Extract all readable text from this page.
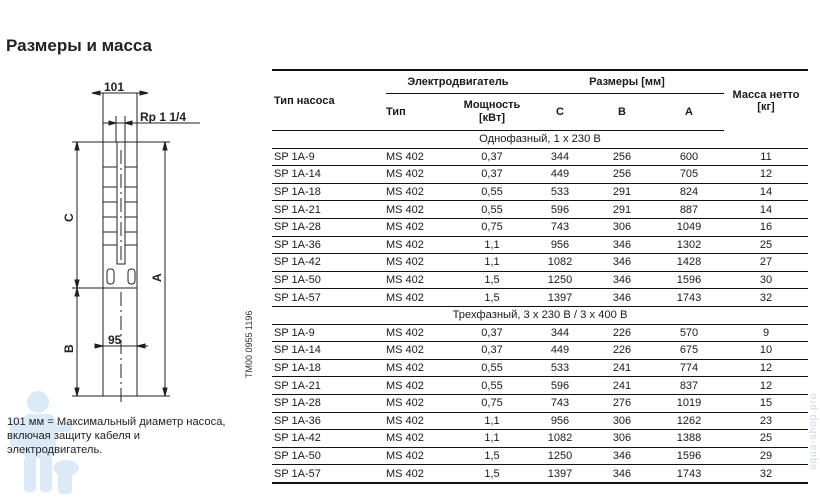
Размеры и масса
101
Rp 1 1/4
95
C
A
B
101 мм = Максимальный диаметр насоса, включая защиту кабеля и электродвигатель.
TM00 0955 1196
aqua-shop.pro
Тип насоса	Электродвигатель		Размеры [мм]			Масса нетто [кг]
	Тип	Мощность [кВт]	C	B	A	
Однофазный, 1 x 230 В						
SP 1A-9	MS 402	0,37	344	256	600	11
SP 1A-14	MS 402	0,37	449	256	705	12
SP 1A-18	MS 402	0,55	533	291	824	14
SP 1A-21	MS 402	0,55	596	291	887	14
SP 1A-28	MS 402	0,75	743	306	1049	16
SP 1A-36	MS 402	1,1	956	346	1302	25
SP 1A-42	MS 402	1,1	1082	346	1428	27
SP 1A-50	MS 402	1,5	1250	346	1596	30
SP 1A-57	MS 402	1,5	1397	346	1743	32
Трехфазный, 3 x 230 В / 3 x 400 В						
SP 1A-9	MS 402	0,37	344	226	570	9
SP 1A-14	MS 402	0,37	449	226	675	10
SP 1A-18	MS 402	0,55	533	241	774	12
SP 1A-21	MS 402	0,55	596	241	837	12
SP 1A-28	MS 402	0,75	743	276	1019	15
SP 1A-36	MS 402	1,1	956	306	1262	23
SP 1A-42	MS 402	1,1	1082	306	1388	25
SP 1A-50	MS 402	1,5	1250	346	1596	29
SP 1A-57	MS 402	1,5	1397	346	1743	32
